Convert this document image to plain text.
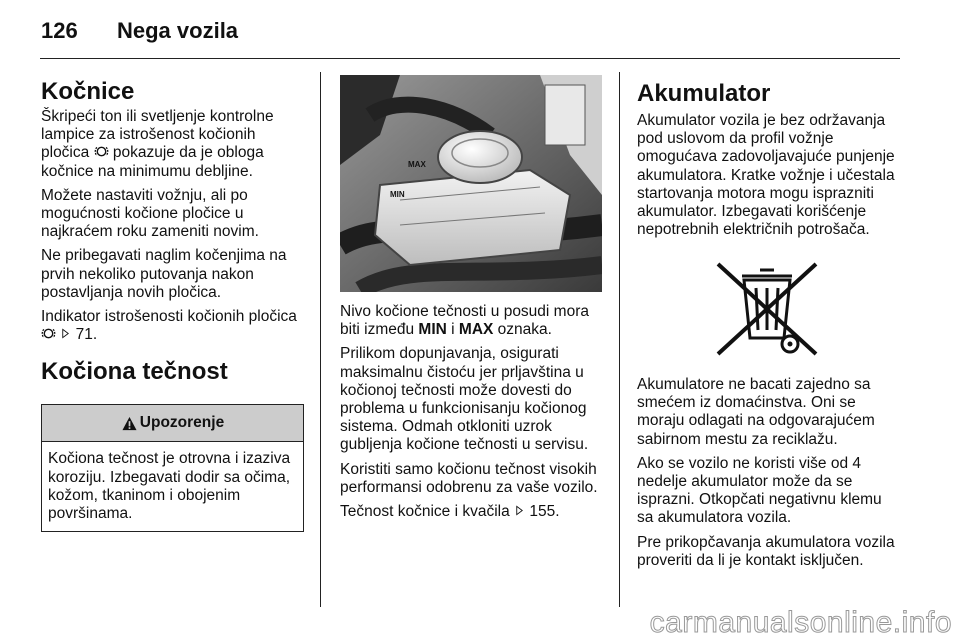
126 Nega vozila
Kočnice

Škripeći ton ili svetljenje kontrolne lampice za istrošenost kočionih pločica pokazuje da je obloga kočnice na minimumu debljine.

Možete nastaviti vožnju, ali po mogućnosti kočione pločice u najkraćem roku zameniti novim.

Ne pribegavati naglim kočenjima na prvih nekoliko putovanja nakon postavljanja novih pločica.

Indikator istrošenosti kočionih pločica
71.

Kočiona tečnost
Upozorenje
Kočiona tečnost je otrovna i izaziva koroziju. Izbegavati dodir sa očima, kožom, tkaninom i obojenim površinama.
MAX
MIN

Nivo kočione tečnosti u posudi mora biti između MIN i MAX oznaka.

Prilikom dopunjavanja, osigurati maksimalnu čistoću jer prljavština u kočionoj tečnosti može dovesti do problema u funkcionisanju kočionog sistema. Odmah otkloniti uzrok gubljenja kočione tečnosti u servisu.

Koristiti samo kočionu tečnost visokih performansi odobrenu za vaše vozilo.

Tečnost kočnice i kvačila 155.

Akumulator

Akumulator vozila je bez održavanja pod uslovom da profil vožnje omogućava zadovoljavajuće punjenje akumulatora. Kratke vožnje i učestala startovanja motora mogu isprazniti akumulator. Izbegavati korišćenje nepotrebnih električnih potrošača.

Akumulatore ne bacati zajedno sa smećem iz domaćinstva. Oni se moraju odlagati na odgovarajućem sabirnom mestu za reciklažu.

Ako se vozilo ne koristi više od 4 nedelje akumulator može da se isprazni. Otkopčati negativnu klemu sa akumulatora vozila.

Pre prikopčavanja akumulatora vozila proveriti da li je kontakt isključen.

carmanualsonline.info
